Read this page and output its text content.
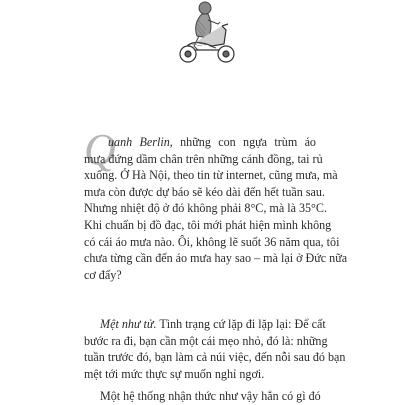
Q
uanh Berlin, những con ngựa trùm áo
mưa đứng dầm chân trên những cánh đồng, tai rủ
xuống. Ở Hà Nội, theo tin từ internet, cũng mưa, mà
mưa còn được dự báo sẽ kéo dài đến hết tuần sau.
Nhưng nhiệt độ ở đó không phải 8°C, mà là 35°C.
Khi chuẩn bị đồ đạc, tôi mới phát hiện mình không
có cái áo mưa nào. Ôi, không lẽ suốt 36 năm qua, tôi
chưa từng cần đến áo mưa hay sao – mà lại ở Đức nữa
cơ đấy?
Mệt như tử. Tình trạng cứ lặp đi lặp lại: Để cất
bước ra đi, bạn cần một cái mẹo nhỏ, đó là: những
tuần trước đó, bạn làm cả núi việc, đến nỗi sau đó bạn
mệt tới mức thực sự muốn nghỉ ngơi.
Một hệ thống nhận thức như vậy hẳn có gì đó
